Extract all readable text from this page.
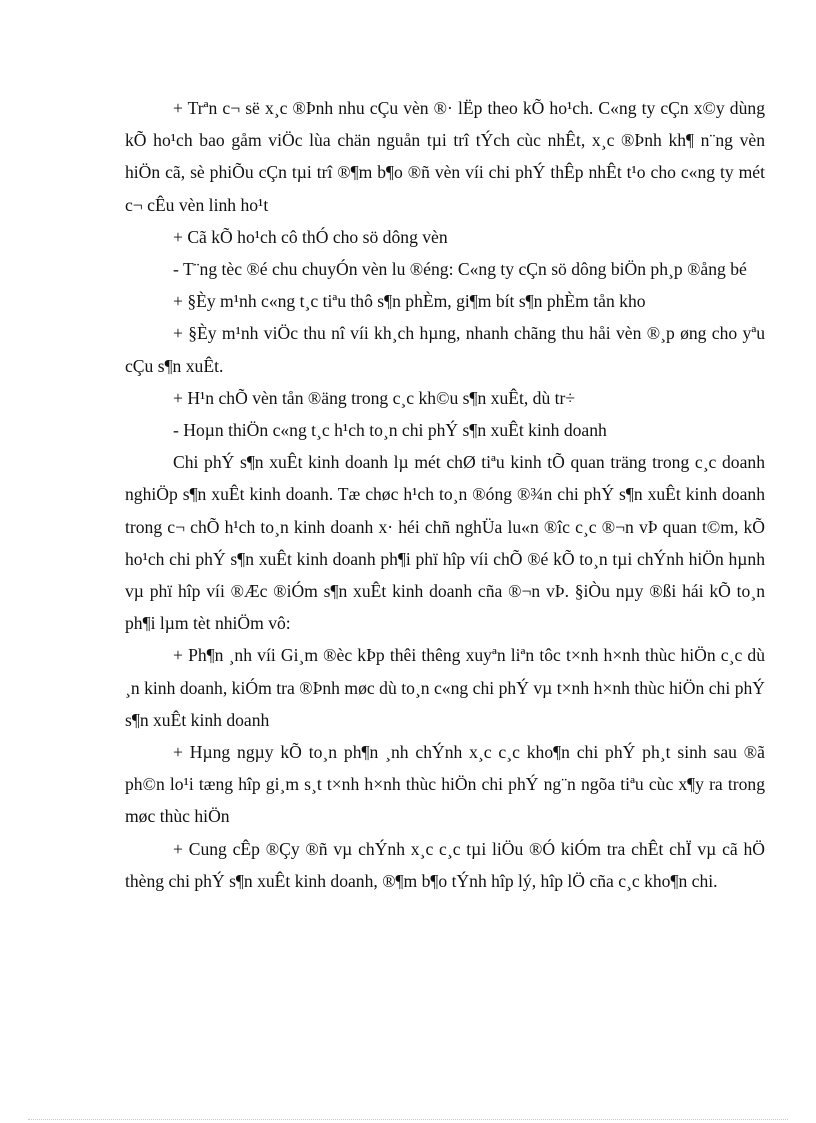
+ Trªn c¬ së x¸c ®Þnh nhu cÇu vèn ®· lËp theo kÕ ho¹ch. C«ng ty cÇn x©y dùng kÕ ho¹ch bao gåm viÖc lùa chän nguån tµi trî tÝch cùc nhÊt, x¸c ®Þnh kh¶ n¨ng vèn hiÖn cã, sè phiÕu cÇn tµi trî ®¶m b¶o ®ñ vèn víi chi phÝ thÊp nhÊt t¹o cho c«ng ty mét c¬ cÊu vèn linh ho¹t

+ Cã kÕ ho¹ch cô thÓ cho sö dông vèn

- T¨ng tèc ®é chu chuyÓn vèn lu ®éng: C«ng ty cÇn sö dông biÖn ph¸p ®ång bé

+ §Èy m¹nh c«ng t¸c tiªu thô s¶n phÈm, gi¶m bít s¶n phÈm tån kho

+ §Èy m¹nh viÖc thu nî víi kh¸ch hµng, nhanh chãng thu håi vèn ®¸p øng cho yªu cÇu s¶n xuÊt.

+ H¹n chÕ vèn tån ®äng trong c¸c kh©u s¶n xuÊt, dù tr÷

- Hoµn thiÖn c«ng t¸c h¹ch to¸n chi phÝ s¶n xuÊt kinh doanh

Chi phÝ s¶n xuÊt kinh doanh lµ mét chØ tiªu kinh tÕ quan träng trong c¸c doanh nghiÖp s¶n xuÊt kinh doanh. Tæ chøc h¹ch to¸n ®óng ®¾n chi phÝ s¶n xuÊt kinh doanh trong c¬ chÕ h¹ch to¸n kinh doanh x· héi chñ nghÜa lu«n ®îc c¸c ®¬n vÞ quan t©m, kÕ ho¹ch chi phÝ s¶n xuÊt kinh doanh ph¶i phï hîp víi chÕ ®é kÕ to¸n tµi chÝnh hiÖn hµnh vµ phï hîp víi ®Æc ®iÓm s¶n xuÊt kinh doanh cña ®¬n vÞ. §iÒu nµy ®ßi hái kÕ to¸n ph¶i lµm tèt nhiÖm vô:

+ Ph¶n ¸nh víi Gi¸m ®èc kÞp thêi thêng xuyªn liªn tôc t×nh h×nh thùc hiÖn c¸c dù ¸n kinh doanh, kiÓm tra ®Þnh møc dù to¸n c«ng chi phÝ vµ t×nh h×nh thùc hiÖn chi phÝ s¶n xuÊt kinh doanh

+ Hµng ngµy kÕ to¸n ph¶n ¸nh chÝnh x¸c c¸c kho¶n chi phÝ ph¸t sinh sau ®ã ph©n lo¹i tæng hîp gi¸m s¸t t×nh h×nh thùc hiÖn chi phÝ ng¨n ngõa tiªu cùc x¶y ra trong møc thùc hiÖn

+ Cung cÊp ®Çy ®ñ vµ chÝnh x¸c c¸c tµi liÖu ®Ó kiÓm tra chÊt chÏ vµ cã hÖ thèng chi phÝ s¶n xuÊt kinh doanh, ®¶m b¶o tÝnh hîp lý, hîp lÖ cña c¸c kho¶n chi.
